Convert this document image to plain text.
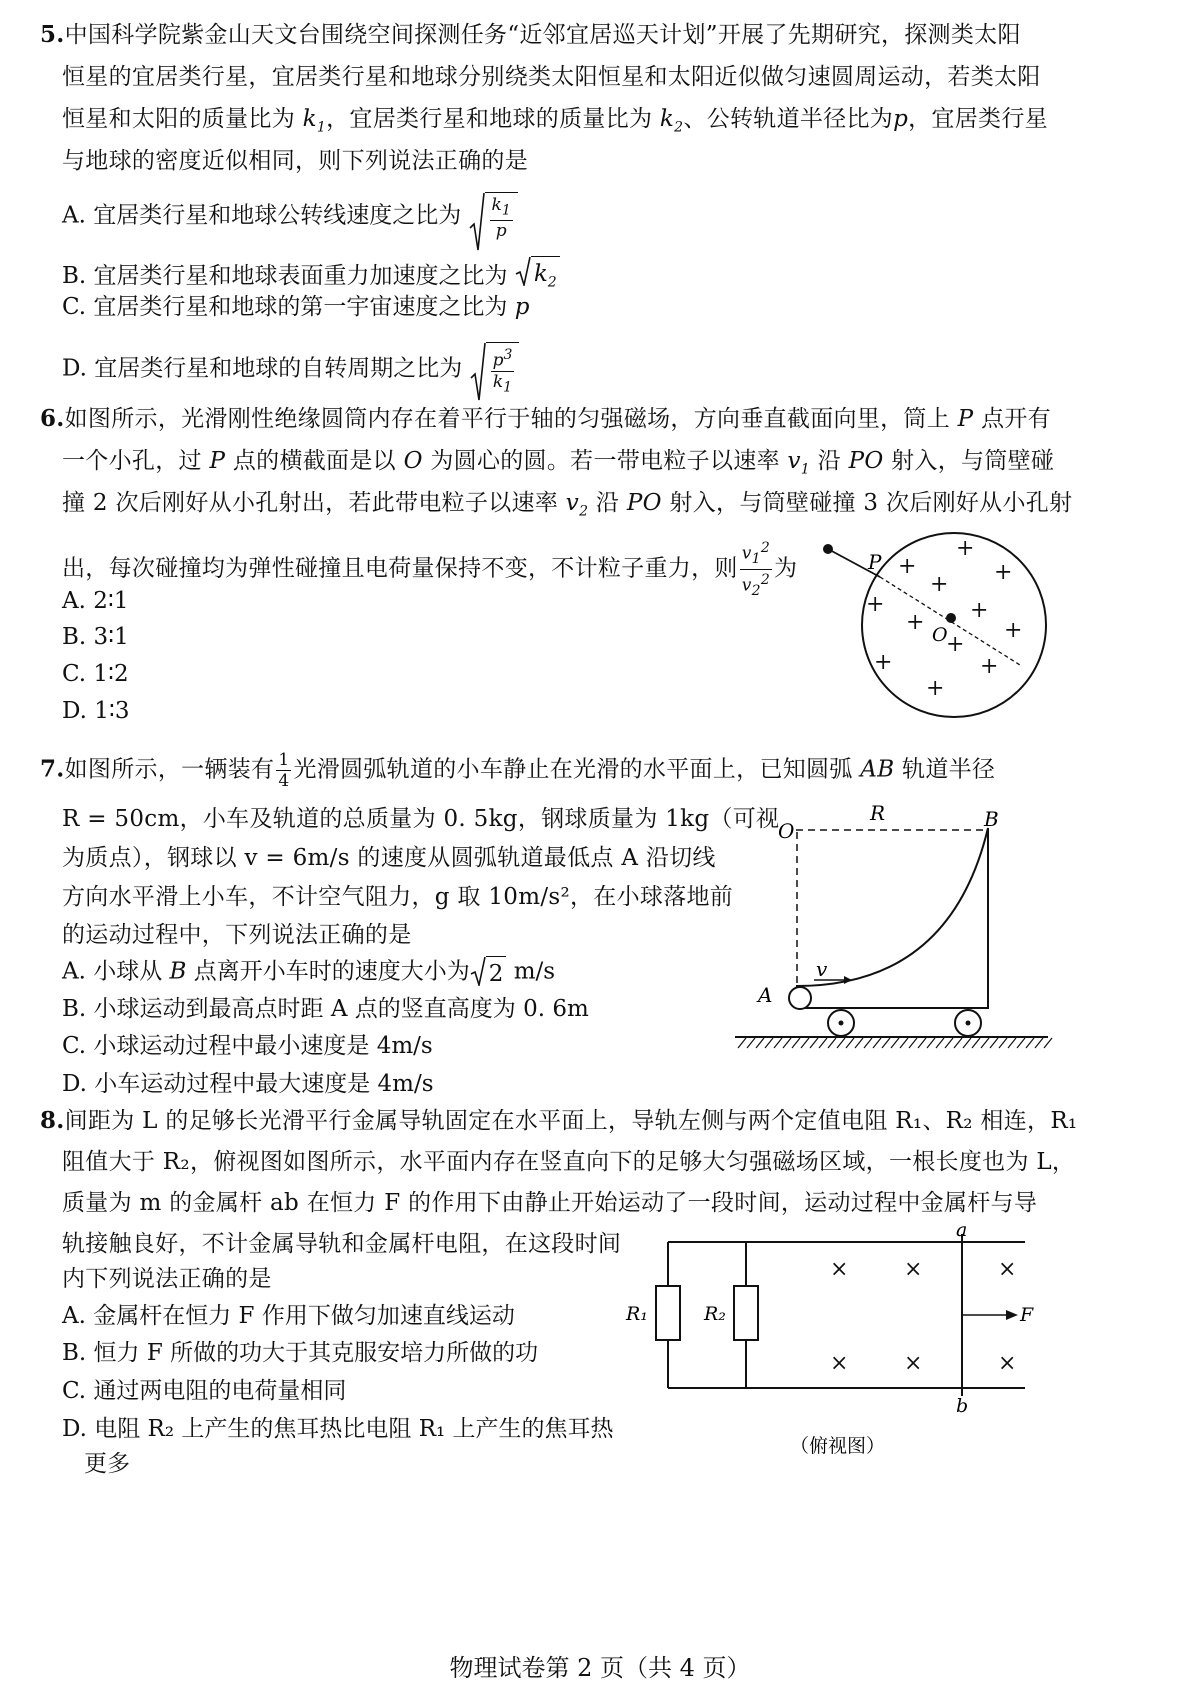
5.中国科学院紫金山天文台围绕空间探测任务“近邻宜居巡天计划”开展了先期研究，探测类太阳
恒星的宜居类行星，宜居类行星和地球分别绕类太阳恒星和太阳近似做匀速圆周运动，若类太阳
恒星和太阳的质量比为 $k_1$，宜居类行星和地球的质量比为 $k_2$、公转轨道半径比为p，宜居类行星
与地球的密度近似相同，则下列说法正确的是
A. 宜居类行星和地球公转线速度之比为 $\frac{k_1}{p}$
B. 宜居类行星和地球表面重力加速度之比为 $k_2$
C. 宜居类行星和地球的第一宇宙速度之比为 p
D. 宜居类行星和地球的自转周期之比为 $\frac{p^3}{k_1}$
6.如图所示，光滑刚性绝缘圆筒内存在着平行于轴的匀强磁场，方向垂直截面向里，筒上 P 点开有
一个小孔，过 P 点的横截面是以 O 为圆心的圆。若一带电粒子以速率 $v_1$ 沿 PO 射入，与筒壁碰
撞 2 次后刚好从小孔射出，若此带电粒子以速率 $v_2$ 沿 PO 射入，与筒壁碰撞 3 次后刚好从小孔射
出，每次碰撞均为弹性碰撞且电荷量保持不变，不计粒子重力，则 $\frac{v_1^2}{v_2^2}$ 为
A. 2∶1
B. 3∶1
C. 1∶2
D. 1∶3
P
O
+
+
+
+
+	+
+	+
+
+	+
+
7.如图所示，一辆装有 $\frac{1}{4}$ 光滑圆弧轨道的小车静止在光滑的水平面上，已知圆弧 AB 轨道半径
R = 50cm，小车及轨道的总质量为 0. 5kg，钢球质量为 1kg（可视
为质点），钢球以 v = 6m/s 的速度从圆弧轨道最低点 A 沿切线
方向水平滑上小车，不计空气阻力，g 取 10m/s²，在小球落地前
的运动过程中，下列说法正确的是
A. 小球从 B 点离开小车时的速度大小为 2 m/s
B. 小球运动到最高点时距 A 点的竖直高度为 0. 6m
C. 小球运动过程中最小速度是 4m/s
D. 小车运动过程中最大速度是 4m/s
O
R	B
A
v
8.间距为 L 的足够长光滑平行金属导轨固定在水平面上，导轨左侧与两个定值电阻 R₁、R₂ 相连，R₁
阻值大于 R₂，俯视图如图所示，水平面内存在竖直向下的足够大匀强磁场区域，一根长度也为 L，
质量为 m 的金属杆 ab 在恒力 F 的作用下由静止开始运动了一段时间，运动过程中金属杆与导
轨接触良好，不计金属导轨和金属杆电阻，在这段时间
内下列说法正确的是
A. 金属杆在恒力 F 作用下做匀加速直线运动
B. 恒力 F 所做的功大于其克服安培力所做的功
C. 通过两电阻的电荷量相同
D. 电阻 R₂ 上产生的焦耳热比电阻 R₁ 上产生的焦耳热
更多
R₁	R₂
a
b
F
×	×	×
×	×	×
（俯视图）
物理试卷第 2 页（共 4 页）
